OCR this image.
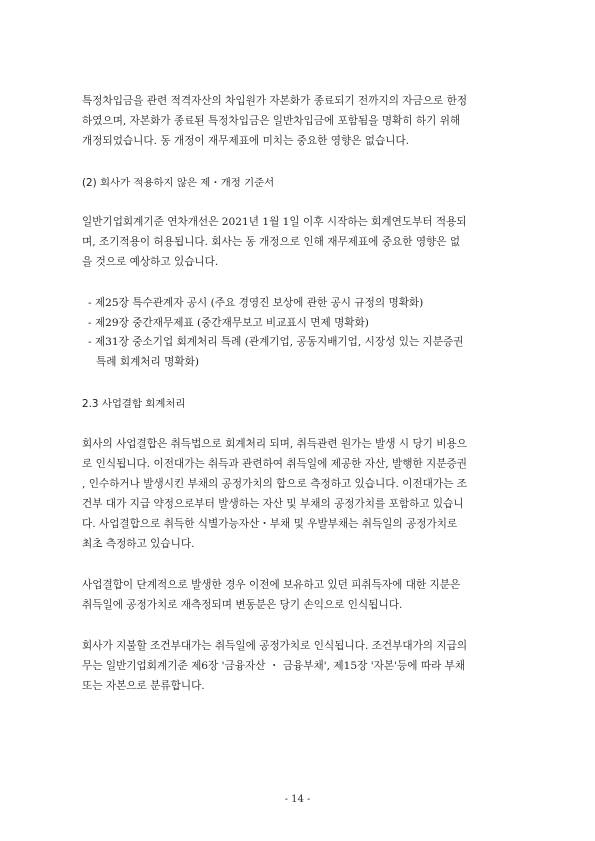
특정차입금을 관련 적격자산의 차입원가 자본화가 종료되기 전까지의 자금으로 한정
하였으며, 자본화가 종료된 특정차입금은 일반차입금에 포함됨을 명확히 하기 위해
개정되었습니다. 동 개정이 재무제표에 미치는 중요한 영향은 없습니다.
(2) 회사가 적용하지 않은 제・개정 기준서
일반기업회계기준 연차개선은 2021년 1월 1일 이후 시작하는 회계연도부터 적용되
며, 조기적용이 허용됩니다. 회사는 동 개정으로 인해 재무제표에 중요한 영향은 없
을 것으로 예상하고 있습니다.
- 제25장 특수관계자 공시 (주요 경영진 보상에 관한 공시 규정의 명확화)
- 제29장 중간재무제표 (중간재무보고 비교표시 면제 명확화)
- 제31장 중소기업 회계처리 특례 (관계기업, 공동지배기업, 시장성 있는 지분증권
특례 회계처리 명확화)
2.3 사업결합 회계처리
회사의 사업결합은 취득법으로 회계처리 되며, 취득관련 원가는 발생 시 당기 비용으
로 인식됩니다. 이전대가는 취득과 관련하여 취득일에 제공한 자산, 발행한 지분증권
, 인수하거나 발생시킨 부채의 공정가치의 합으로 측정하고 있습니다. 이전대가는 조
건부 대가 지급 약정으로부터 발생하는 자산 및 부채의 공정가치를 포함하고 있습니
다. 사업결합으로 취득한 식별가능자산・부채 및 우발부채는 취득일의 공정가치로
최초 측정하고 있습니다.
사업결합이 단계적으로 발생한 경우 이전에 보유하고 있던 피취득자에 대한 지분은
취득일에 공정가치로 재측정되며 변동분은 당기 손익으로 인식됩니다.
회사가 지불할 조건부대가는 취득일에 공정가치로 인식됩니다. 조건부대가의 지급의
무는 일반기업회계기준 제6장 '금융자산 ・ 금융부채', 제15장 '자본'등에 따라 부채
또는 자본으로 분류합니다.
- 14 -
